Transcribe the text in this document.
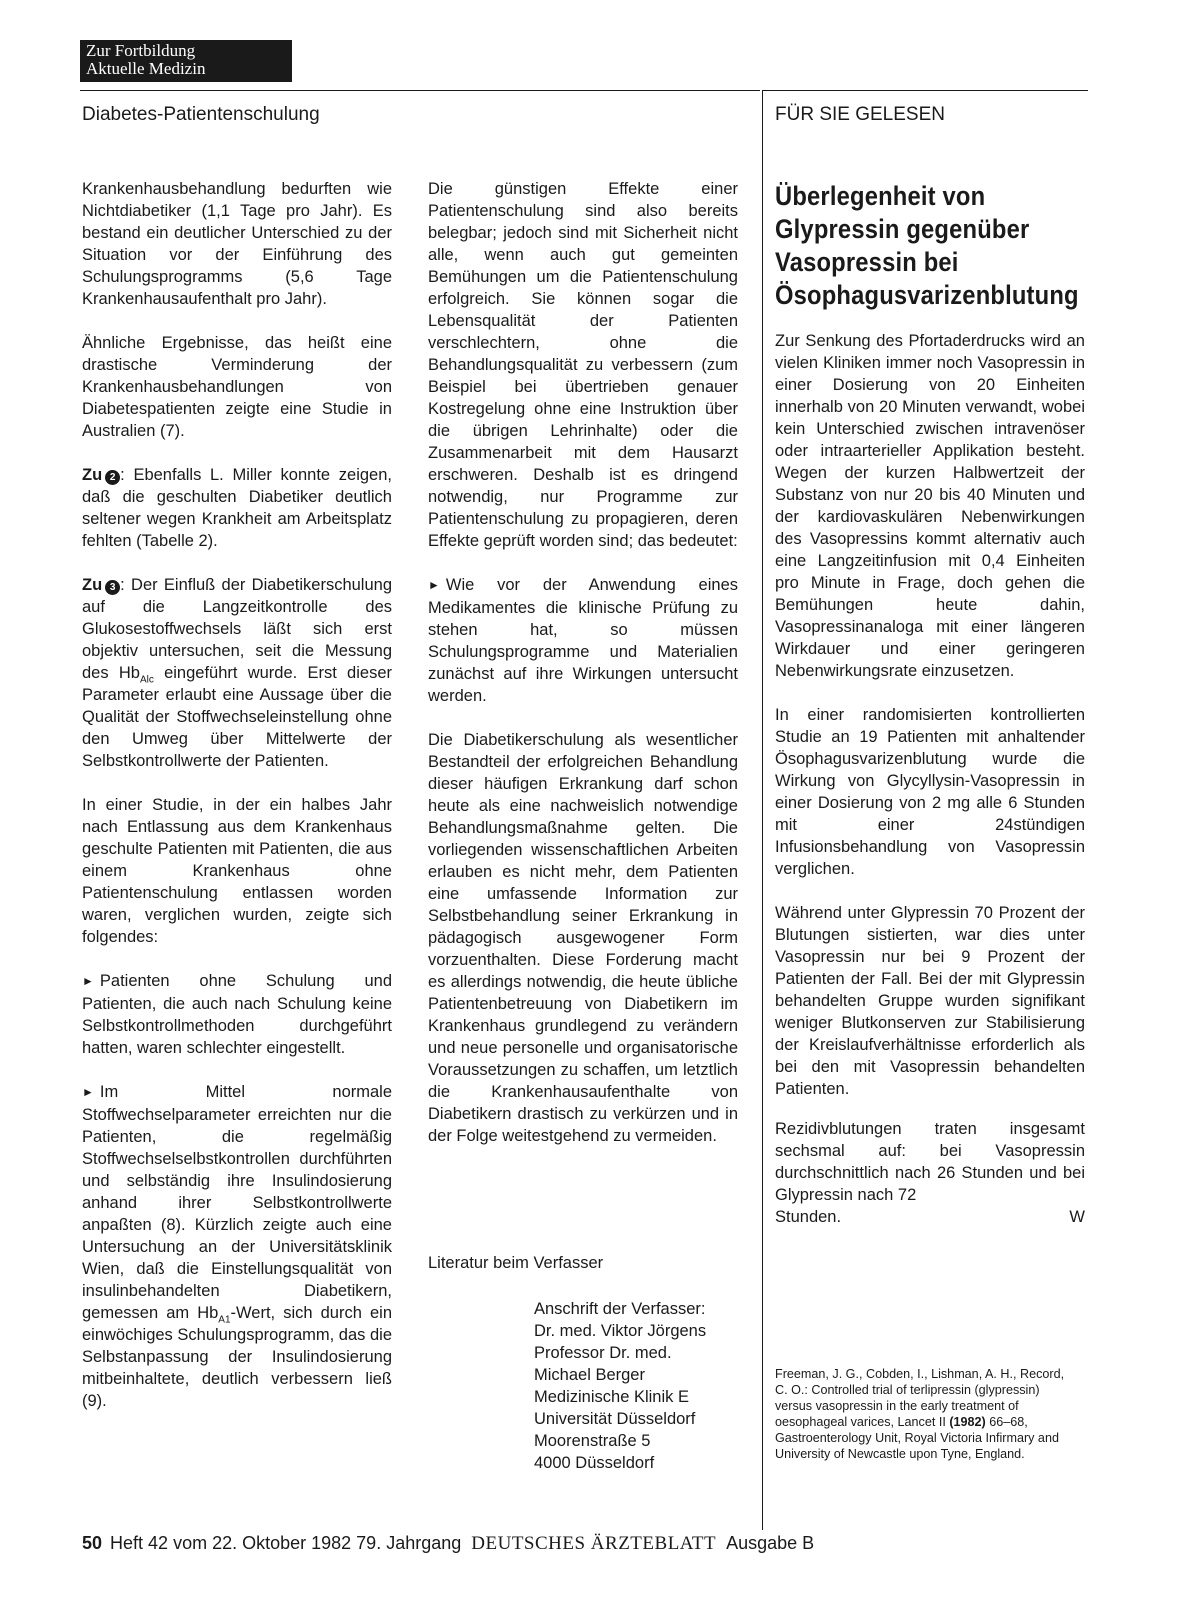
Zur Fortbildung
Aktuelle Medizin
Diabetes-Patientenschulung	FÜR SIE GELESEN

Krankenhausbehandlung bedurften wie Nichtdiabetiker (1,1 Tage pro Jahr). Es bestand ein deutlicher Unterschied zu der Situation vor der Einführung des Schulungsprogramms (5,6 Tage Krankenhausaufenthalt pro Jahr).

Ähnliche Ergebnisse, das heißt eine drastische Verminderung der Krankenhausbehandlungen von Diabetespatienten zeigte eine Studie in Australien (7).

Zu 2 : Ebenfalls L. Miller konnte zeigen, daß die geschulten Diabetiker deutlich seltener wegen Krankheit am Arbeitsplatz fehlten (Tabelle 2).

Zu 3 : Der Einfluß der Diabetikerschulung auf die Langzeitkontrolle des Glukosestoffwechsels läßt sich erst objektiv untersuchen, seit die Messung des $Hb_{Alc}$ eingeführt wurde. Erst dieser Parameter erlaubt eine Aussage über die Qualität der Stoffwechseleinstellung ohne den Umweg über Mittelwerte der Selbstkontrollwerte der Patienten.

In einer Studie, in der ein halbes Jahr nach Entlassung aus dem Krankenhaus geschulte Patienten mit Patienten, die aus einem Krankenhaus ohne Patientenschulung entlassen worden waren, verglichen wurden, zeigte sich folgendes:

► Patienten ohne Schulung und Patienten, die auch nach Schulung keine Selbstkontrollmethoden durchgeführt hatten, waren schlechter eingestellt.

► Im Mittel normale Stoffwechselparameter erreichten nur die Patienten, die regelmäßig Stoffwechselselbstkontrollen durchführten und selbständig ihre Insulindosierung anhand ihrer Selbstkontrollwerte anpaßten (8). Kürzlich zeigte auch eine Untersuchung an der Universitätsklinik Wien, daß die Einstellungsqualität von insulinbehandelten Diabetikern, gemessen am $Hb_{A1}$-Wert, sich durch ein einwöchiges Schulungsprogramm, das die Selbstanpassung der Insulindosierung mitbeinhaltete, deutlich verbessern ließ (9).

Die günstigen Effekte einer Patientenschulung sind also bereits belegbar; jedoch sind mit Sicherheit nicht alle, wenn auch gut gemeinten Bemühungen um die Patientenschulung erfolgreich. Sie können sogar die Lebensqualität der Patienten verschlechtern, ohne die Behandlungsqualität zu verbessern (zum Beispiel bei übertrieben genauer Kostregelung ohne eine Instruktion über die übrigen Lehrinhalte) oder die Zusammenarbeit mit dem Hausarzt erschweren. Deshalb ist es dringend notwendig, nur Programme zur Patientenschulung zu propagieren, deren Effekte geprüft worden sind; das bedeutet:

► Wie vor der Anwendung eines Medikamentes die klinische Prüfung zu stehen hat, so müssen Schulungsprogramme und Materialien zunächst auf ihre Wirkungen untersucht werden.

Die Diabetikerschulung als wesentlicher Bestandteil der erfolgreichen Behandlung dieser häufigen Erkrankung darf schon heute als eine nachweislich notwendige Behandlungsmaßnahme gelten. Die vorliegenden wissenschaftlichen Arbeiten erlauben es nicht mehr, dem Patienten eine umfassende Information zur Selbstbehandlung seiner Erkrankung in pädagogisch ausgewogener Form vorzuenthalten. Diese Forderung macht es allerdings notwendig, die heute übliche Patientenbetreuung von Diabetikern im Krankenhaus grundlegend zu verändern und neue personelle und organisatorische Voraussetzungen zu schaffen, um letztlich die Krankenhausaufenthalte von Diabetikern drastisch zu verkürzen und in der Folge weitestgehend zu vermeiden.

Literatur beim Verfasser
Anschrift der Verfasser:
Dr. med. Viktor Jörgens
Professor Dr. med.
Michael Berger
Medizinische Klinik E
Universität Düsseldorf
Moorenstraße 5
4000 Düsseldorf
Überlegenheit von Glypressin gegenüber Vasopressin bei Ösophagusvarizenblutung

Zur Senkung des Pfortaderdrucks wird an vielen Kliniken immer noch Vasopressin in einer Dosierung von 20 Einheiten innerhalb von 20 Minuten verwandt, wobei kein Unterschied zwischen intravenöser oder intraarterieller Applikation besteht. Wegen der kurzen Halbwertzeit der Substanz von nur 20 bis 40 Minuten und der kardiovaskulären Nebenwirkungen des Vasopressins kommt alternativ auch eine Langzeitinfusion mit 0,4 Einheiten pro Minute in Frage, doch gehen die Bemühungen heute dahin, Vasopressinanaloga mit einer längeren Wirkdauer und einer geringeren Nebenwirkungsrate einzusetzen.

In einer randomisierten kontrollierten Studie an 19 Patienten mit anhaltender Ösophagusvarizenblutung wurde die Wirkung von Glycyllysin-Vasopressin in einer Dosierung von 2 mg alle 6 Stunden mit einer 24stündigen Infusionsbehandlung von Vasopressin verglichen.

Während unter Glypressin 70 Prozent der Blutungen sistierten, war dies unter Vasopressin nur bei 9 Prozent der Patienten der Fall. Bei der mit Glypressin behandelten Gruppe wurden signifikant weniger Blutkonserven zur Stabilisierung der Kreislaufverhältnisse erforderlich als bei den mit Vasopressin behandelten Patienten.

Rezidivblutungen traten insgesamt sechsmal auf: bei Vasopressin durchschnittlich nach 26 Stunden und bei Glypressin nach 72
Stunden.	W

Freeman, J. G., Cobden, I., Lishman, A. H., Record, C. O.: Controlled trial of terlipressin (glypressin) versus vasopressin in the early treatment of oesophageal varices, Lancet II (1982) 66–68, Gastroenterology Unit, Royal Victoria Infirmary and University of Newcastle upon Tyne, England.
50 Heft 42 vom 22. Oktober 1982 79. Jahrgang DEUTSCHES ÄRZTEBLATT Ausgabe B
